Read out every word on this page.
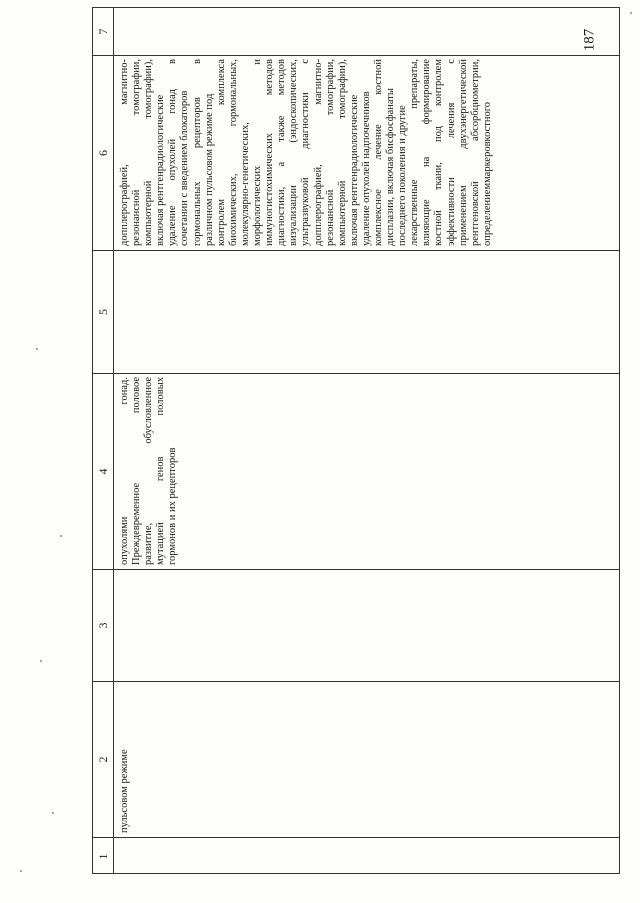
187
1
2
3
4
5
6
7
пульсовом режиме
опухолями
гонад.
Преждевременное
половое
развитие,
обусловленное
мутацией
генов
половых
гормонов и их рецепторов
допплерографией,
магнитно-
резонансной
томографии,
компьютерной
томографии),
включая рентгенрадиологические удаление
опухолей
гонад
в
сочетании с введением блокаторов гормональных
рецепторов
в
различном пульсовом режиме под контролем
комплекса
биохимических,
гормональных,
молекулярно-генетических, морфологических
и
иммуногистохимических
методов
диагностики,
а
также
методов
визуализации
(эндоскопических,
ультразвуковой
диагностики
с
допплерографией,
магнитно-
резонансной
томографии,
компьютерной
томографии),
включая рентгенрадиологические удаление опухолей надпочечников комплексное
лечение
костной
дисплазии, включая бисфосфанаты последнего поколения и другие лекарственные
препараты,
влияющие
на
формирование
костной
ткани,
под
контролем
эффективности
лечения
с
применением
двухэнергетической
рентгеновской
абсорбциометрии,
определением
маркеров
костного
